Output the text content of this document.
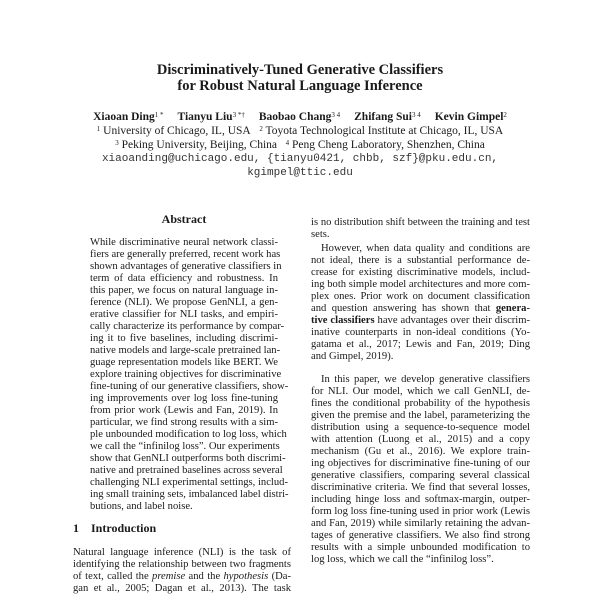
Discriminatively-Tuned Generative Classifiers
for Robust Natural Language Inference
Xiaoan Ding$^{1 *}$ Tianyu Liu$^{3 *\dagger}$ Baobao Chang$^{3 4}$ Zhifang Sui$^{3 4}$ Kevin Gimpel$^2$
$^1$ University of Chicago, IL, USA $^2$ Toyota Technological Institute at Chicago, IL, USA
$^3$ Peking University, Beijing, China $^4$ Peng Cheng Laboratory, Shenzhen, China
xiaoanding@uchicago.edu, {tianyu0421, chbb, szf}@pku.edu.cn,
kgimpel@ttic.edu
Abstract
While discriminative neural network classi-
fiers are generally preferred, recent work has
shown advantages of generative classifiers in
term of data efficiency and robustness. In
this paper, we focus on natural language in-
ference (NLI). We propose GenNLI, a gen-
erative classifier for NLI tasks, and empiri-
cally characterize its performance by compar-
ing it to five baselines, including discrimi-
native models and large-scale pretrained lan-
guage representation models like BERT. We
explore training objectives for discriminative
fine-tuning of our generative classifiers, show-
ing improvements over log loss fine-tuning
from prior work (Lewis and Fan, 2019). In
particular, we find strong results with a sim-
ple unbounded modification to log loss, which
we call the “infinilog loss”. Our experiments
show that GenNLI outperforms both discrimi-
native and pretrained baselines across several
challenging NLI experimental settings, includ-
ing small training sets, imbalanced label distri-
butions, and label noise.
1 Introduction
Natural language inference (NLI) is the task of
identifying the relationship between two fragments
of text, called the premise and the hypothesis (Da-
gan et al., 2005; Dagan et al., 2013). The task
is no distribution shift between the training and test
sets.
However, when data quality and conditions are
not ideal, there is a substantial performance de-
crease for existing discriminative models, includ-
ing both simple model architectures and more com-
plex ones. Prior work on document classification
and question answering has shown that genera-
tive classifiers have advantages over their discrim-
inative counterparts in non-ideal conditions (Yo-
gatama et al., 2017; Lewis and Fan, 2019; Ding
and Gimpel, 2019).
In this paper, we develop generative classifiers
for NLI. Our model, which we call GenNLI, de-
fines the conditional probability of the hypothesis
given the premise and the label, parameterizing the
distribution using a sequence-to-sequence model
with attention (Luong et al., 2015) and a copy
mechanism (Gu et al., 2016). We explore train-
ing objectives for discriminative fine-tuning of our
generative classifiers, comparing several classical
discriminative criteria. We find that several losses,
including hinge loss and softmax-margin, outper-
form log loss fine-tuning used in prior work (Lewis
and Fan, 2019) while similarly retaining the advan-
tages of generative classifiers. We also find strong
results with a simple unbounded modification to
log loss, which we call the “infinilog loss”.
